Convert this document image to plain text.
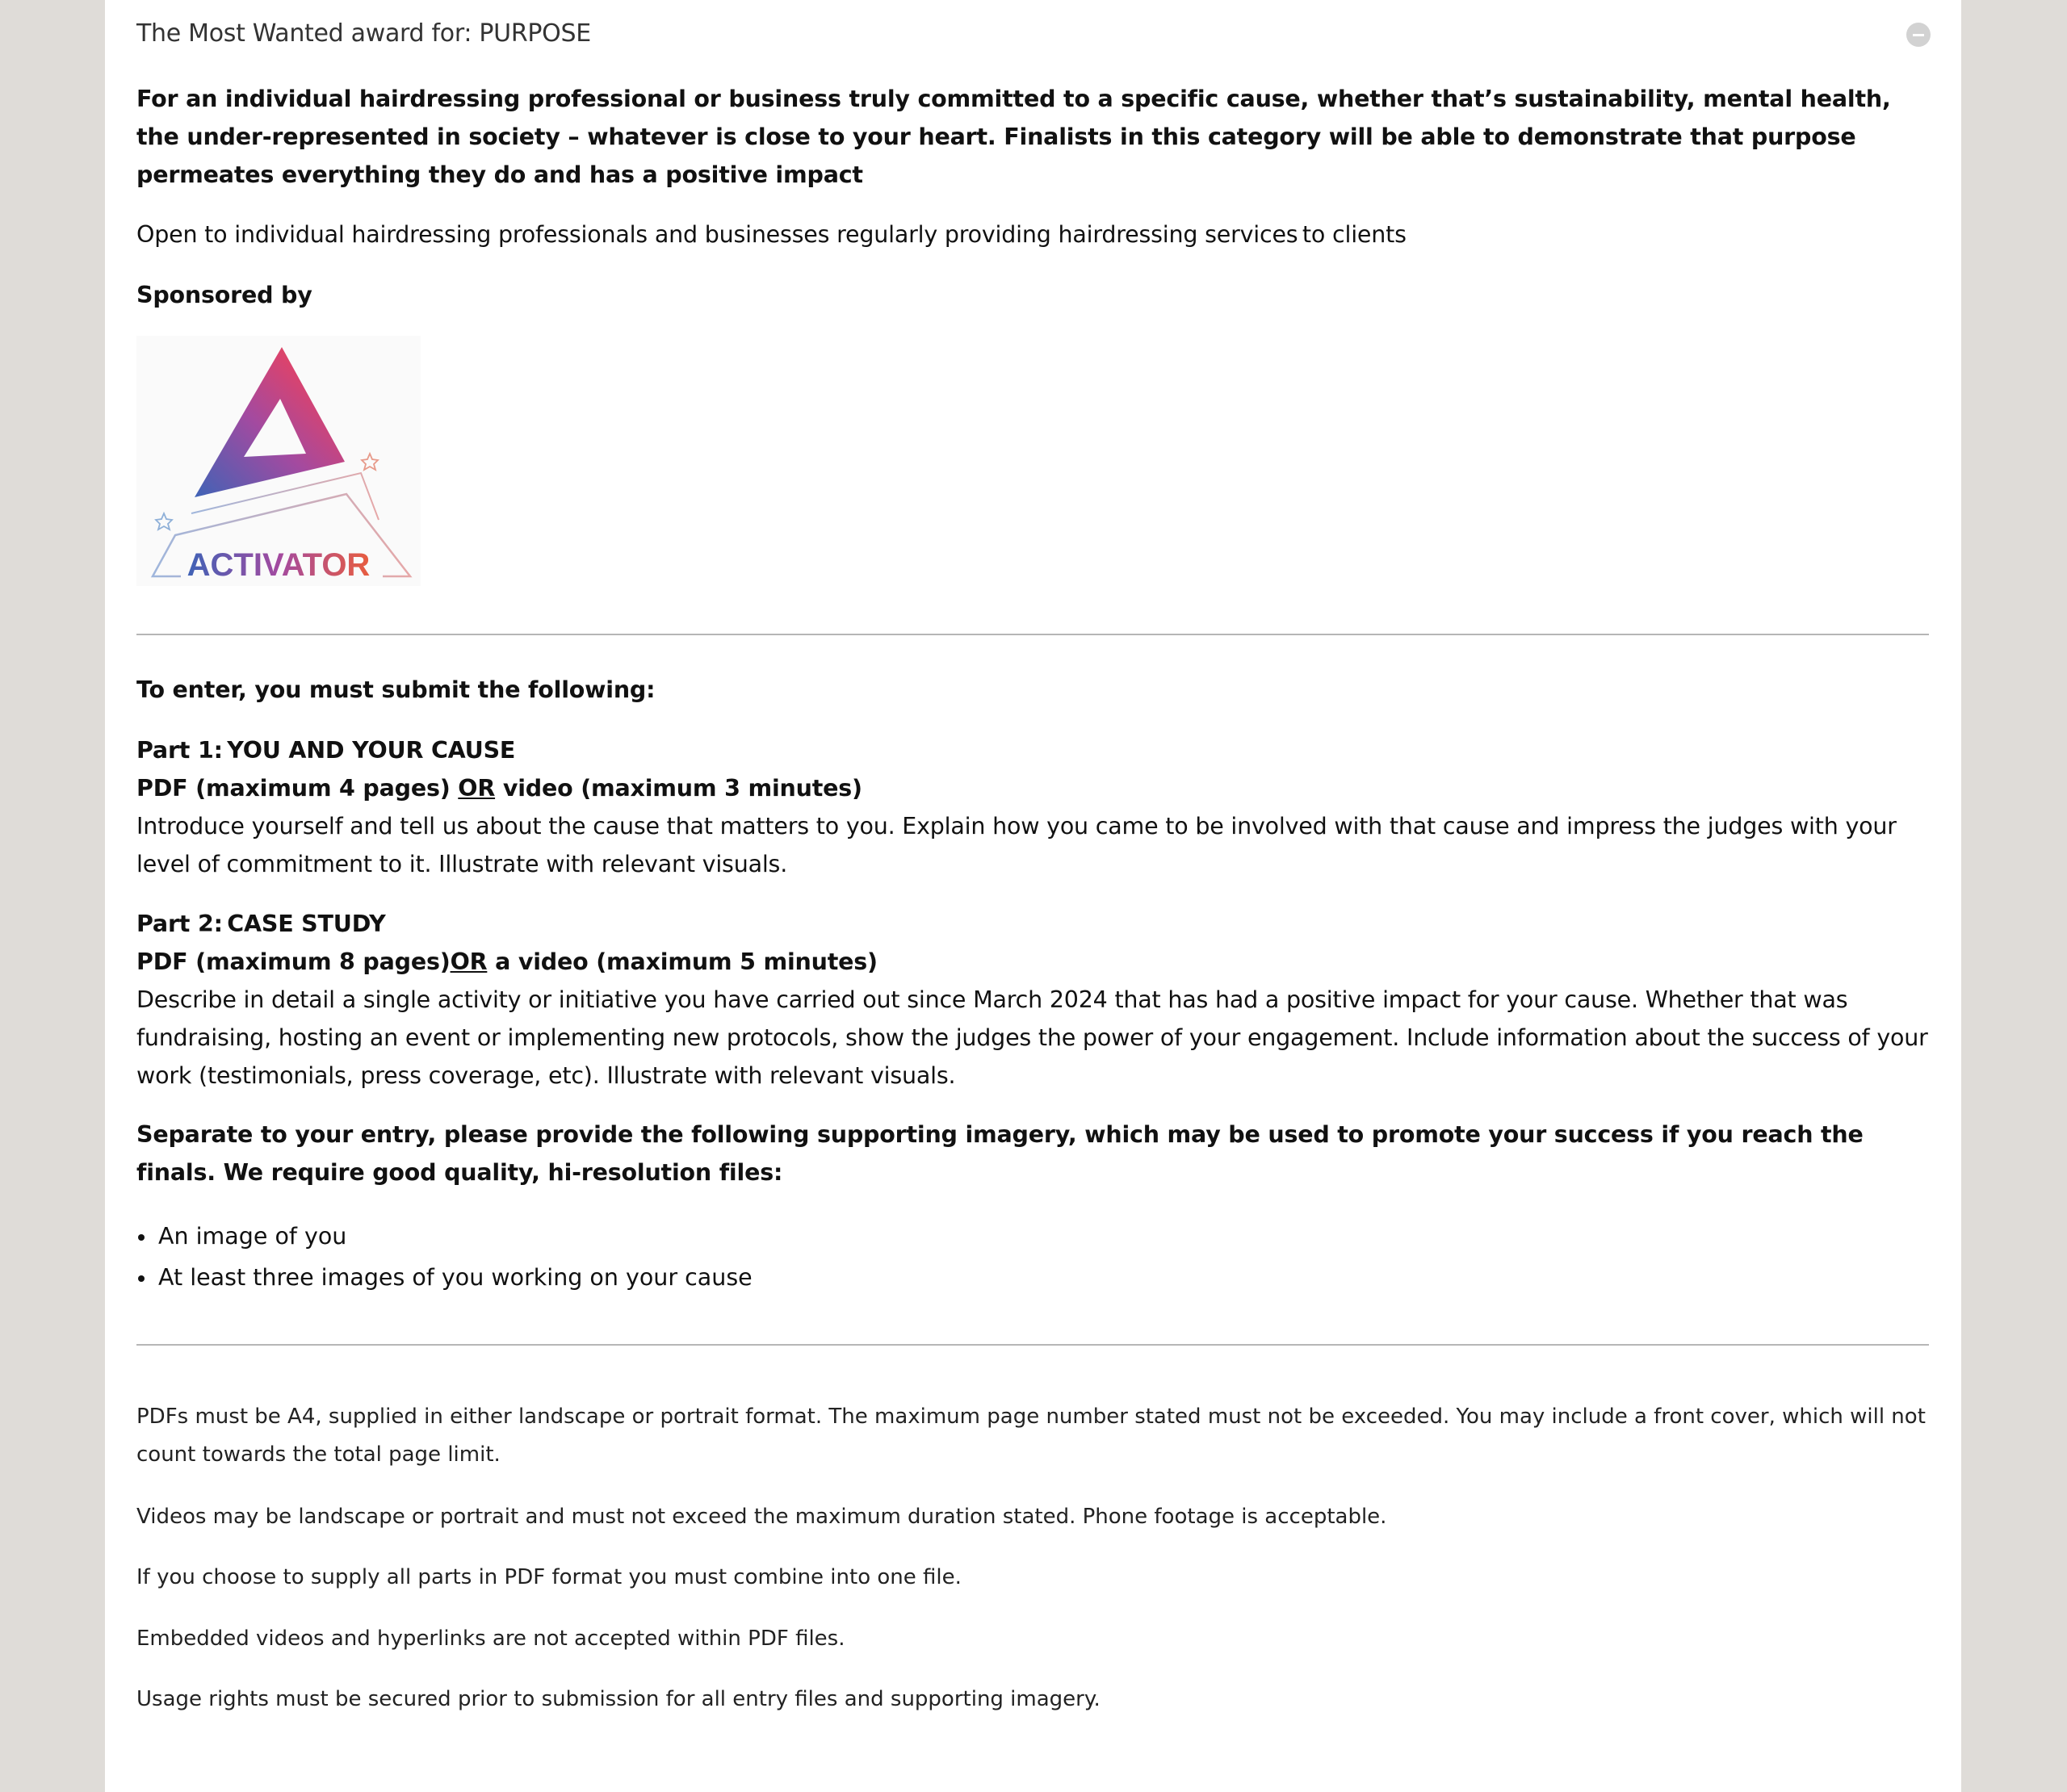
The Most Wanted award for: PURPOSE
For an individual hairdressing professional or business truly committed to a specific cause, whether that’s sustainability, mental health, the under-represented in society – whatever is close to your heart. Finalists in this category will be able to demonstrate that purpose permeates everything they do and has a positive impact
Open to individual hairdressing professionals and businesses regularly providing hairdressing services to clients
Sponsored by
ACTIVATOR
To enter, you must submit the following:
Part 1:  YOU AND YOUR CAUSE
PDF (maximum 4 pages) OR video (maximum 3 minutes)
Introduce yourself and tell us about the cause that matters to you. Explain how you came to be involved with that cause and impress the judges with your level of commitment to it. Illustrate with relevant visuals.
Part 2:  CASE STUDY
PDF (maximum 8 pages)OR a video (maximum 5 minutes)
Describe in detail a single activity or initiative you have carried out since March 2024 that has had a positive impact for your cause. Whether that was fundraising, hosting an event or implementing new protocols, show the judges the power of your engagement. Include information about the success of your work (testimonials, press coverage, etc). Illustrate with relevant visuals.
Separate to your entry, please provide the following supporting imagery, which may be used to promote your success if you reach the finals. We require good quality, hi-resolution files:
An image of you
At least three images of you working on your cause
PDFs must be A4, supplied in either landscape or portrait format. The maximum page number stated must not be exceeded. You may include a front cover, which will not count towards the total page limit.
Videos may be landscape or portrait and must not exceed the maximum duration stated. Phone footage is acceptable.
If you choose to supply all parts in PDF format you must combine into one file.
Embedded videos and hyperlinks are not accepted within PDF files.
Usage rights must be secured prior to submission for all entry files and supporting imagery.
